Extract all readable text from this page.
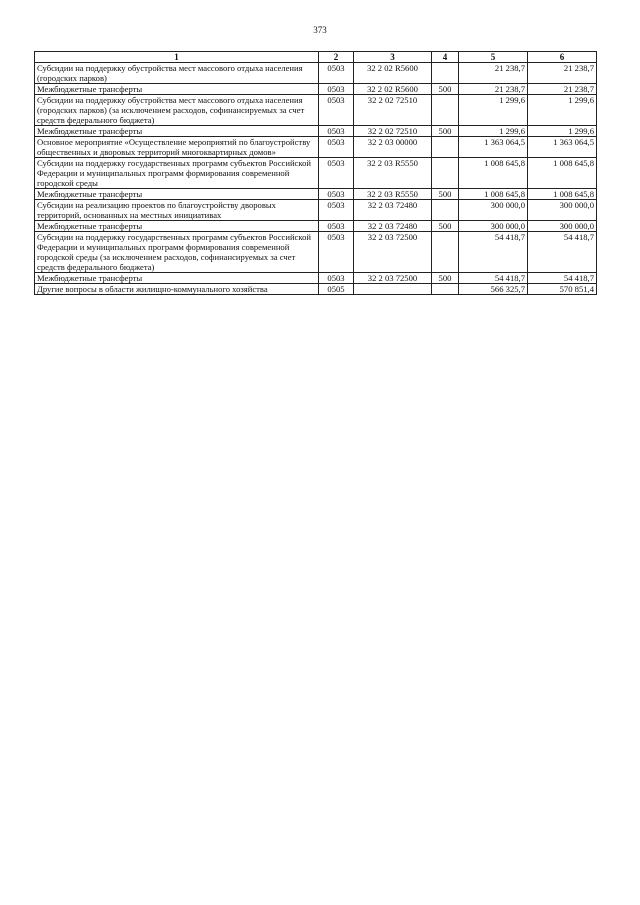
373
1	2	3	4	5	6
Субсидии на поддержку обустройства мест массового отдыха населения (городских парков)	0503	32 2 02 R5600		21 238,7	21 238,7
Межбюджетные трансферты	0503	32 2 02 R5600	500	21 238,7	21 238,7
Субсидии на поддержку обустройства мест массового отдыха населения (городских парков) (за исключением расходов, софинансируемых за счет средств федерального бюджета)	0503	32 2 02 72510		1 299,6	1 299,6
Межбюджетные трансферты	0503	32 2 02 72510	500	1 299,6	1 299,6
Основное мероприятие «Осуществление мероприятий по благоустройству общественных и дворовых территорий многоквартирных домов»	0503	32 2 03 00000		1 363 064,5	1 363 064,5
Субсидии на поддержку государственных программ субъектов Российской Федерации и муниципальных программ формирования современной городской среды	0503	32 2 03 R5550		1 008 645,8	1 008 645,8
Межбюджетные трансферты	0503	32 2 03 R5550	500	1 008 645,8	1 008 645,8
Субсидии на реализацию проектов по благоустройству дворовых территорий, основанных на местных инициативах	0503	32 2 03 72480		300 000,0	300 000,0
Межбюджетные трансферты	0503	32 2 03 72480	500	300 000,0	300 000,0
Субсидии на поддержку государственных программ субъектов Российской Федерации и муниципальных программ формирования современной городской среды (за исключением расходов, софинансируемых за счет средств федерального бюджета)	0503	32 2 03 72500		54 418,7	54 418,7
Межбюджетные трансферты	0503	32 2 03 72500	500	54 418,7	54 418,7
Другие вопросы в области жилищно-коммунального хозяйства	0505			566 325,7	570 851,4
